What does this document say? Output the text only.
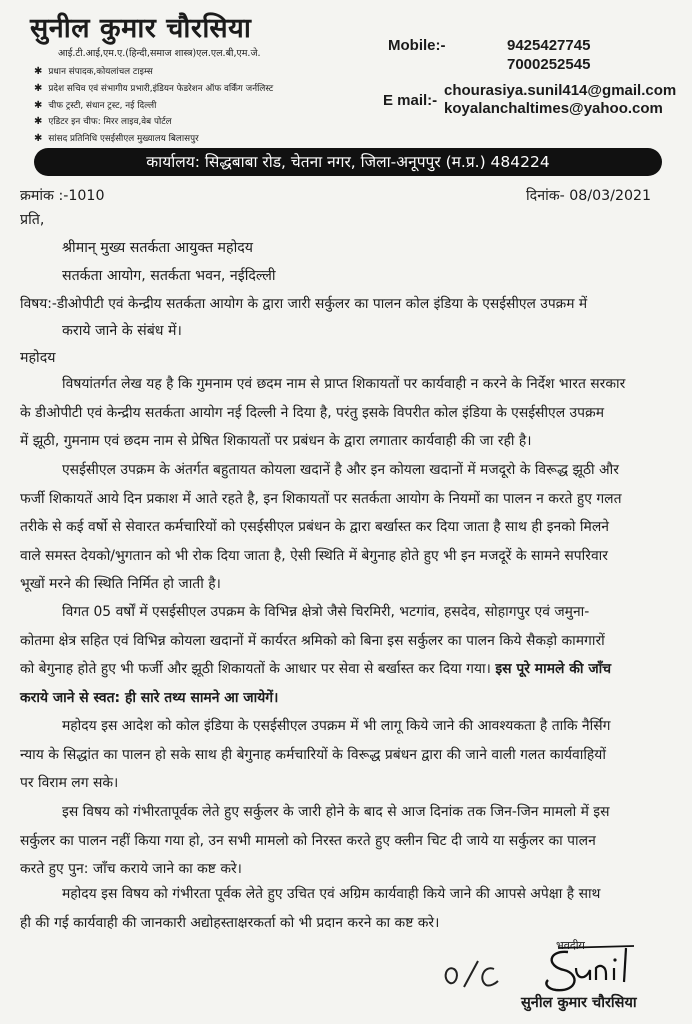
सुनील कुमार चौरसिया
आई.टी.आई,एम.ए.(हिन्दी,समाज शास्त्र)एल.एल.बी,एम.जे.
✱ प्रधान संपादक,कोयलांचल टाइम्स
✱ प्रदेश सचिव एवं संभागीय प्रभारी,इंडियन फेडरेशन ऑफ वर्किंग जर्नलिस्ट
✱ चीफ ट्रस्टी, संधान ट्रस्ट, नई दिल्ली
✱ एडिटर इन चीफ: मिरर लाइव,वेब पोर्टल
✱ सांसद प्रतिनिधि एसईसीएल मुख्यालय बिलासपुर
Mobile:-	9425427745
7000252545
E mail:-
chourasiya.sunil414@gmail.com
koyalanchaltimes@yahoo.com
कार्यालय: सिद्धबाबा रोड, चेतना नगर, जिला-अनूपपुर (म.प्र.) 484224
क्रमांक :-1010	दिनांक- 08/03/2021
प्रति,
श्रीमान् मुख्य सतर्कता आयुक्त महोदय
सतर्कता आयोग, सतर्कता भवन, नईदिल्ली
विषय:-डीओपीटी एवं केन्द्रीय सतर्कता आयोग के द्वारा जारी सर्कुलर का पालन कोल इंडिया के एसईसीएल उपक्रम में
कराये जाने के संबंध में।
महोदय
विषयांतर्गत लेख यह है कि गुमनाम एवं छदम नाम से प्राप्त शिकायतों पर कार्यवाही न करने के निर्देश भारत सरकार
के डीओपीटी एवं केन्द्रीय सतर्कता आयोग नई दिल्ली ने दिया है, परंतु इसके विपरीत कोल इंडिया के एसईसीएल उपक्रम
में झूठी, गुमनाम एवं छदम नाम से प्रेषित शिकायतों पर प्रबंधन के द्वारा लगातार कार्यवाही की जा रही है।
एसईसीएल उपक्रम के अंतर्गत बहुतायत कोयला खदानें है और इन कोयला खदानों में मजदूरो के विरूद्ध झूठी और
फर्जी शिकायतें आये दिन प्रकाश में आते रहते है, इन शिकायतों पर सतर्कता आयोग के नियमों का पालन न करते हुए गलत
तरीके से कई वर्षो से सेवारत कर्मचारियों को एसईसीएल प्रबंधन के द्वारा बर्खास्त कर दिया जाता है साथ ही इनको मिलने
वाले समस्त देयको/भुगतान को भी रोक दिया जाता है, ऐसी स्थिति में बेगुनाह होते हुए भी इन मजदूरें के सामने सपरिवार
भूखों मरने की स्थिति निर्मित हो जाती है।
विगत 05 वर्षों में एसईसीएल उपक्रम के विभिन्न क्षेत्रो जैसे चिरमिरी, भटगांव, हसदेव, सोहागपुर एवं जमुना-
कोतमा क्षेत्र सहित एवं विभिन्न कोयला खदानों में कार्यरत श्रमिको को बिना इस सर्कुलर का पालन किये सैकड़ो कामगारों
को बेगुनाह होते हुए भी फर्जी और झूठी शिकायतों के आधार पर सेवा से बर्खास्त कर दिया गया। इस पूरे मामले की जाँच
कराये जाने से स्वत: ही सारे तथ्य सामने आ जायेगें।
महोदय इस आदेश को कोल इंडिया के एसईसीएल उपक्रम में भी लागू किये जाने की आवश्यकता है ताकि नैर्सिग
न्याय के सिद्धांत का पालन हो सके साथ ही बेगुनाह कर्मचारियों के विरूद्ध प्रबंधन द्वारा की जाने वाली गलत कार्यवाहियों
पर विराम लग सके।
इस विषय को गंभीरतापूर्वक लेते हुए सर्कुलर के जारी होने के बाद से आज दिनांक तक जिन-जिन मामलो में इस
सर्कुलर का पालन नहीं किया गया हो, उन सभी मामलो को निरस्त करते हुए क्लीन चिट दी जाये या सर्कुलर का पालन
करते हुए पुन: जाँच कराये जाने का कष्ट करे।
महोदय इस विषय को गंभीरता पूर्वक लेते हुए उचित एवं अग्रिम कार्यवाही किये जाने की आपसे अपेक्षा है साथ
ही की गई कार्यवाही की जानकारी अद्योहस्ताक्षरकर्ता को भी प्रदान करने का कष्ट करे।
भवदीय
सुनील कुमार चौरसिया
